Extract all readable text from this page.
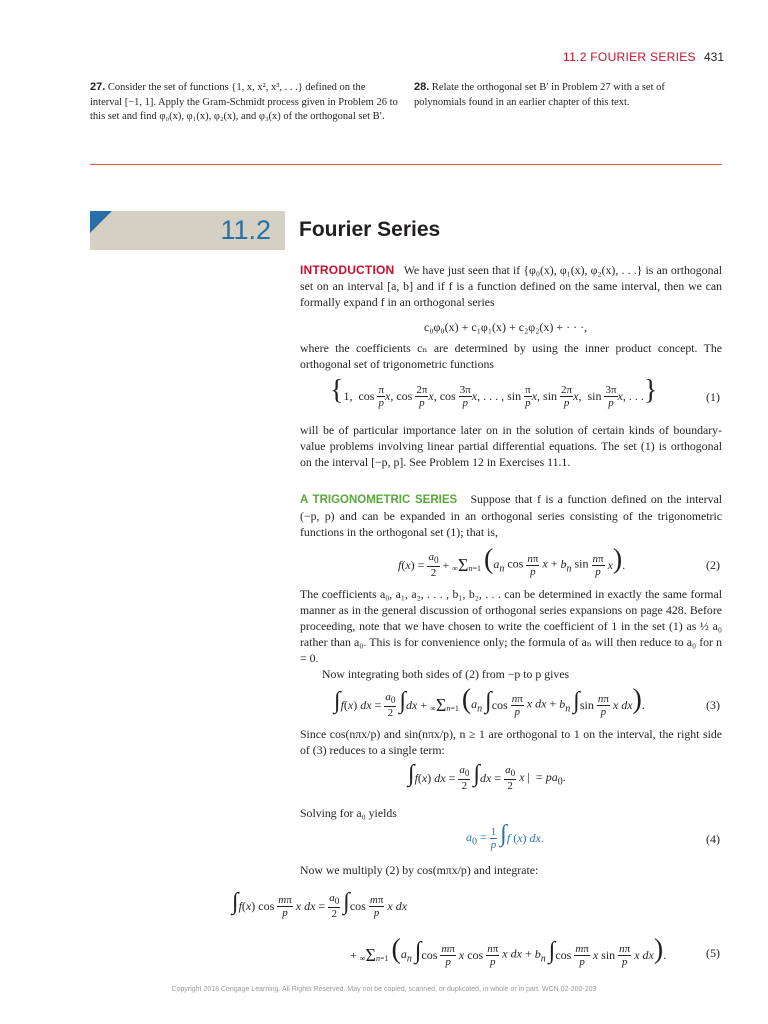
11.2 FOURIER SERIES 431
27. Consider the set of functions {1, x, x², x³, . . .} defined on the interval [−1, 1]. Apply the Gram-Schmidt process given in Problem 26 to this set and find φ₀(x), φ₁(x), φ₂(x), and φ₃(x) of the orthogonal set B′.
28. Relate the orthogonal set B′ in Problem 27 with a set of polynomials found in an earlier chapter of this text.
11.2 Fourier Series
INTRODUCTION We have just seen that if {φ₀(x), φ₁(x), φ₂(x), . . .} is an orthogonal set on an interval [a, b] and if f is a function defined on the same interval, then we can formally expand f in an orthogonal series
c₀φ₀(x) + c₁φ₁(x) + c₂φ₂(x) + · · ·,
where the coefficients cₙ are determined by using the inner product concept. The orthogonal set of trigonometric functions
{1,  $\cos \frac{\pi}{p} x$, $\cos \frac{2\pi}{p} x$, $\cos \frac{3\pi}{p} x$, . . . , $\sin \frac{\pi}{p} x$, $\sin \frac{2\pi}{p} x$,  $\sin \frac{3\pi}{p} x$, . . .}	(1)
will be of particular importance later on in the solution of certain kinds of boundary-value problems involving linear partial differential equations. The set (1) is orthogonal on the interval [−p, p]. See Problem 12 in Exercises 11.1.
A TRIGONOMETRIC SERIES Suppose that f is a function defined on the interval (−p, p) and can be expanded in an orthogonal series consisting of the trigonometric functions in the orthogonal set (1); that is,
$f(x) = \frac{a_0}{2} + \infty\Sigma n=1$ ($a_n$ $\cos \frac{n\pi}{p}$ $x + b_n$ $\sin \frac{n\pi}{p} x$).	(2)
The coefficients a₀, a₁, a₂, . . . , b₁, b₂, . . . can be determined in exactly the same formal manner as in the general discussion of orthogonal series expansions on page 428. Before proceeding, note that we have chosen to write the coefficient of 1 in the set (1) as ½ a₀ rather than a₀. This is for convenience only; the formula of aₙ will then reduce to a₀ for n = 0.
Now integrating both sides of (2) from −p to p gives
∫f(x) dx = $\frac{a_0}{2} \int dx + \infty\Sigma n=1$ ($a_n$ $\int\cos \frac{n\pi}{p}$ x dx + $b_n$ $\int\sin \frac{n\pi}{p}$ x dx).	(3)
Since cos(nπx/p) and sin(nπx/p), n ≥ 1 are orthogonal to 1 on the interval, the right side of (3) reduces to a single term:
∫f(x) dx = $\frac{a_0}{2} \int dx = \frac{a_0}{2}$ x |  = $pa_0$.
Solving for a₀ yields
$a_0 = \frac{1}{p} \int f$ (x) dx.	(4)
Now we multiply (2) by cos(mπx/p) and integrate:
∫f(x) $\cos \frac{m\pi}{p}$ x dx = $\frac{a_0}{2} \int\cos \frac{m\pi}{p}$ x dx
+ ∞Σn=1 ($a_n$ $\int\cos \frac{m\pi}{p}$ x $\cos \frac{n\pi}{p}$ x dx + $b_n$ $\int\cos \frac{m\pi}{p}$ x $\sin \frac{n\pi}{p}$ x dx).	(5)
Copyright 2018 Cengage Learning. All Rights Reserved. May not be copied, scanned, or duplicated, in whole or in part. WCN 02-200-203
